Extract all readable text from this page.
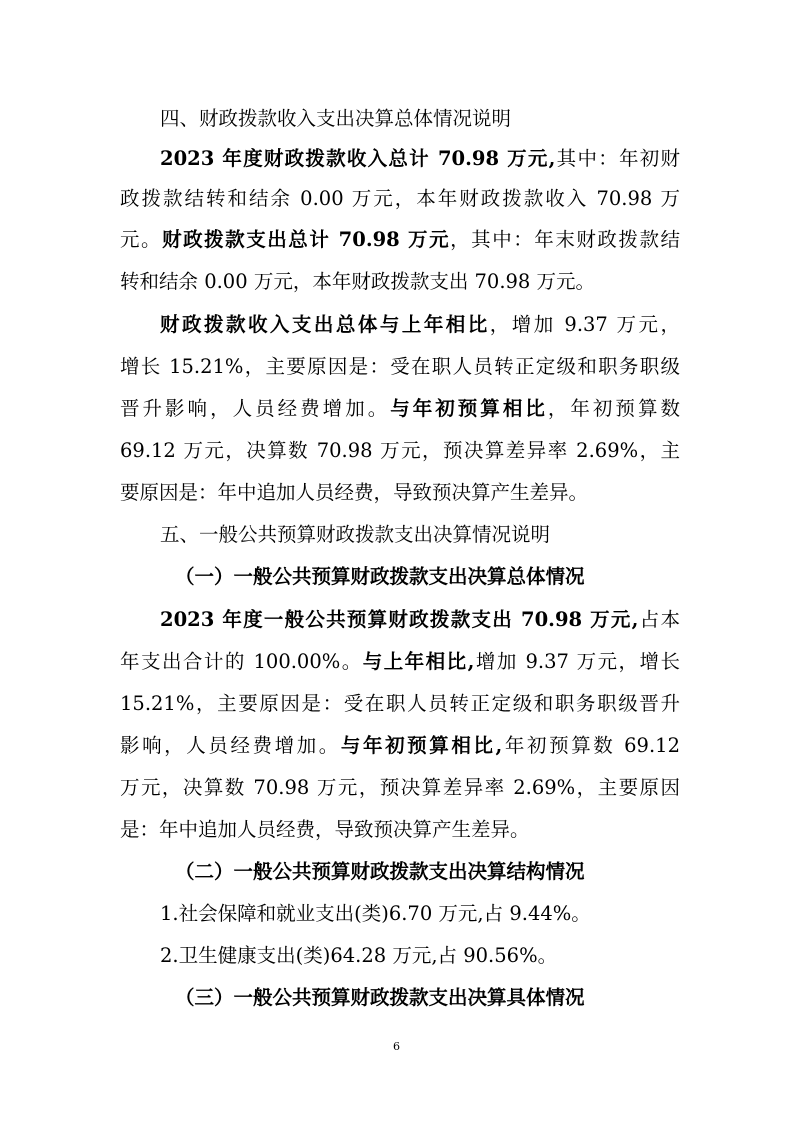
四、财政拨款收入支出决算总体情况说明
2023 年度财政拨款收入总计 70.98 万元,其中：年初财
政拨款结转和结余 0.00 万元，本年财政拨款收入 70.98 万
元。财政拨款支出总计 70.98 万元，其中：年末财政拨款结
转和结余 0.00 万元，本年财政拨款支出 70.98 万元。
财政拨款收入支出总体与上年相比，增加 9.37 万元，
增长 15.21%，主要原因是：受在职人员转正定级和职务职级
晋升影响，人员经费增加。与年初预算相比，年初预算数
69.12 万元，决算数 70.98 万元，预决算差异率 2.69%，主
要原因是：年中追加人员经费，导致预决算产生差异。
五、一般公共预算财政拨款支出决算情况说明
（一）一般公共预算财政拨款支出决算总体情况
2023 年度一般公共预算财政拨款支出 70.98 万元,占本
年支出合计的 100.00%。与上年相比,增加 9.37 万元，增长
15.21%，主要原因是：受在职人员转正定级和职务职级晋升
影响，人员经费增加。与年初预算相比,年初预算数 69.12
万元，决算数 70.98 万元，预决算差异率 2.69%，主要原因
是：年中追加人员经费，导致预决算产生差异。
（二）一般公共预算财政拨款支出决算结构情况
1.社会保障和就业支出(类)6.70 万元,占 9.44%。
2.卫生健康支出(类)64.28 万元,占 90.56%。
（三）一般公共预算财政拨款支出决算具体情况
6
